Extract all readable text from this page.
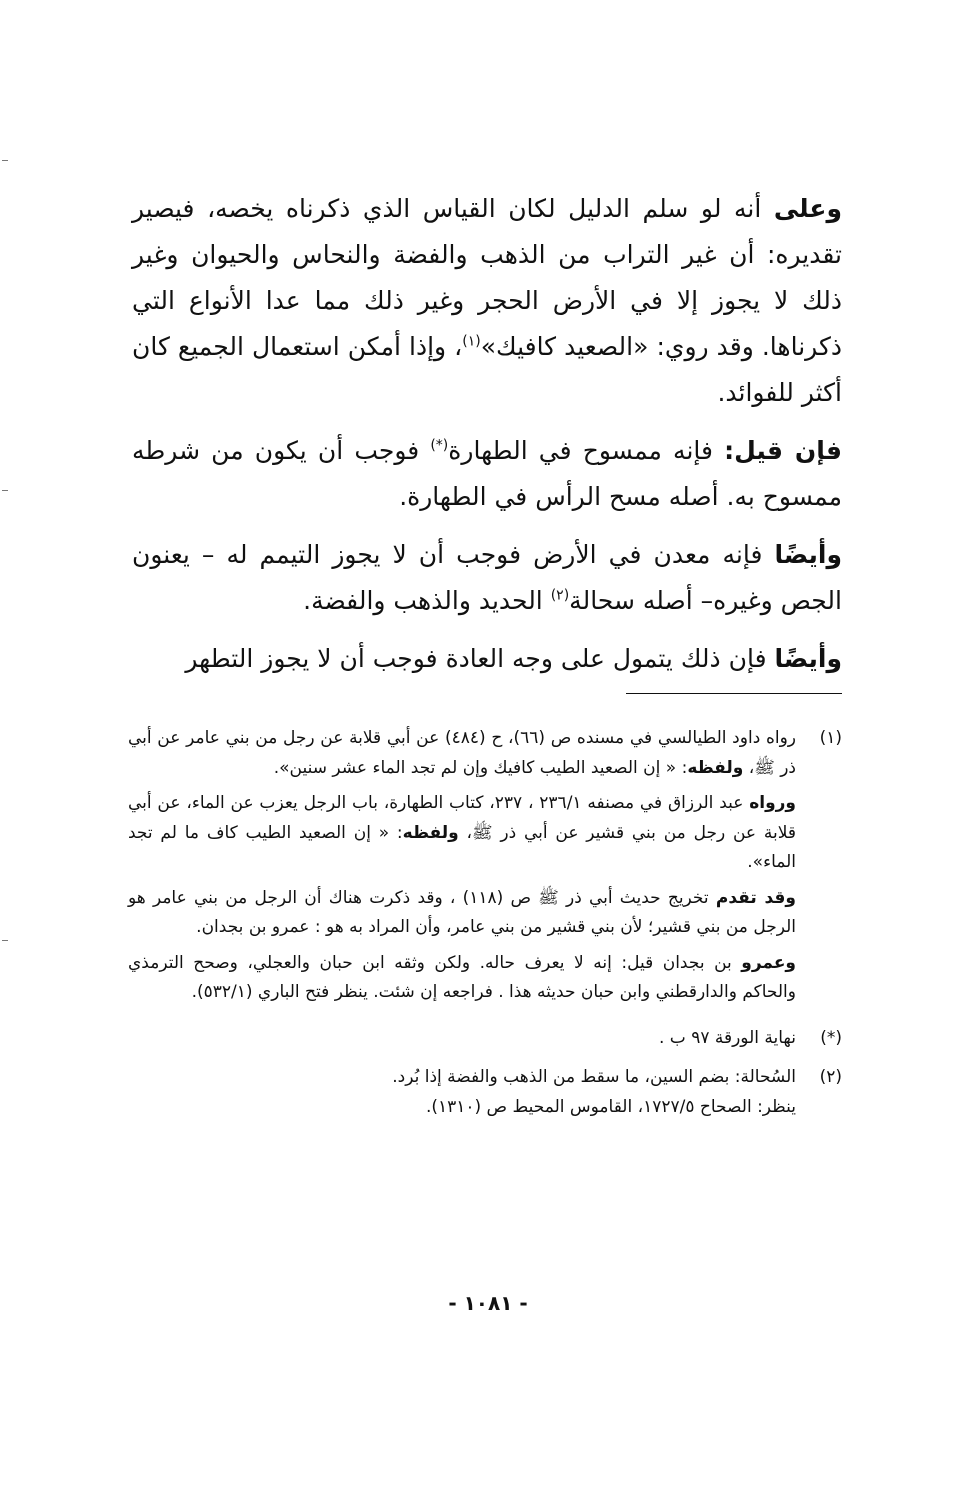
وعلى أنه لو سلم الدليل لكان القياس الذي ذكرناه يخصه، فيصير تقديره: أن غير التراب من الذهب والفضة والنحاس والحيوان وغير ذلك لا يجوز إلا في الأرض الحجر وغير ذلك مما عدا الأنواع التي ذكرناها. وقد روي: «الصعيد كافيك»$^{(١)}$، وإذا أمكن استعمال الجميع كان أكثر للفوائد.

فإن قيل: فإنه ممسوح في الطهارة(*) فوجب أن يكون من شرطه ممسوح به. أصله مسح الرأس في الطهارة.

وأيضًا فإنه معدن في الأرض فوجب أن لا يجوز التيمم له – يعنون الجص وغيره– أصله سحالة$^{(٢)}$ الحديد والذهب والفضة.

وأيضًا فإن ذلك يتمول على وجه العادة فوجب أن لا يجوز التطهر

(١)

رواه داود الطيالسي في مسنده ص (٦٦)، ح (٤٨٤) عن أبي قلابة عن رجل من بني عامر عن أبي ذر ﷺ، ولفظه: « إن الصعيد الطيب كافيك وإن لم تجد الماء عشر سنين».

ورواه عبد الرزاق في مصنفه ٢٣٦/١ ، ٢٣٧، كتاب الطهارة، باب الرجل يعزب عن الماء، عن أبي قلابة عن رجل من بني قشير عن أبي ذر ﷺ، ولفظه: « إن الصعيد الطيب كاف ما لم تجد الماء».

وقد تقدم تخريج حديث أبي ذر ﷺ ص (١١٨) ، وقد ذكرت هناك أن الرجل من بني عامر هو الرجل من بني قشير؛ لأن بني قشير من بني عامر، وأن المراد به هو : عمرو بن بجدان.

وعمرو بن بجدان قيل: إنه لا يعرف حاله. ولكن وثقه ابن حبان والعجلي، وصحح الترمذي والحاكم والدارقطني وابن حبان حديثه هذا . فراجعه إن شئت. ينظر فتح الباري (٥٣٢/١).

(*)
نهاية الورقة ٩٧ ب .
(٢)
السُحالة: بضم السين، ما سقط من الذهب والفضة إذا بُرد.
ينظر: الصحاح ١٧٢٧/٥، القاموس المحيط ص (١٣١٠).
- ١٠٨١ -
